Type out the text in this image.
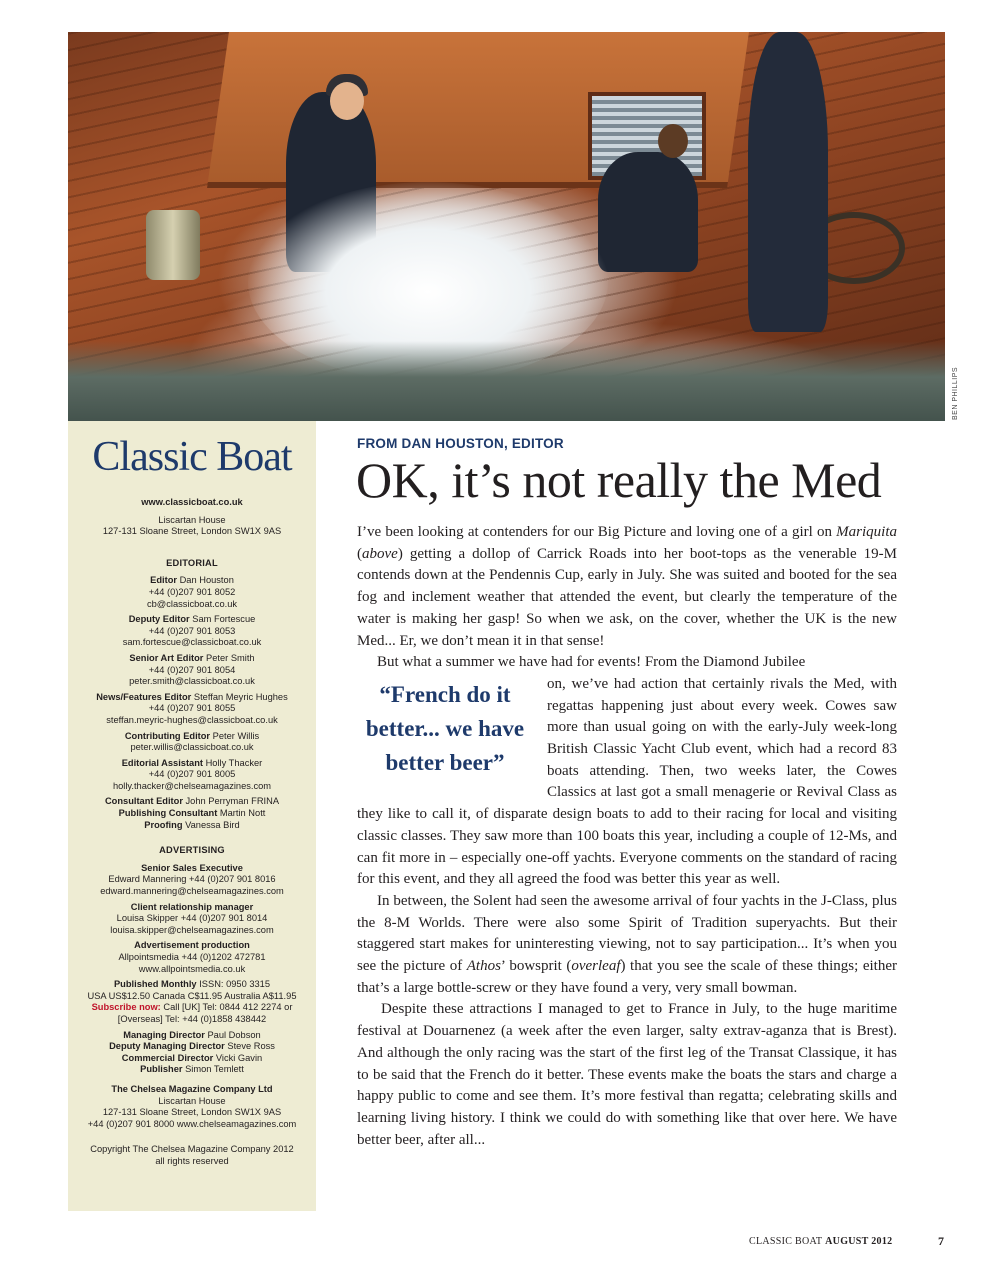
BEN PHILLIPS
Classic Boat
www.classicboat.co.uk
Liscartan House
127-131 Sloane Street, London SW1X 9AS
EDITORIAL
Editor Dan Houston
+44 (0)207 901 8052
cb@classicboat.co.uk
Deputy Editor Sam Fortescue
+44 (0)207 901 8053
sam.fortescue@classicboat.co.uk
Senior Art Editor Peter Smith
+44 (0)207 901 8054
peter.smith@classicboat.co.uk
News/Features Editor Steffan Meyric Hughes
+44 (0)207 901 8055
steffan.meyric-hughes@classicboat.co.uk
Contributing Editor Peter Willis
peter.willis@classicboat.co.uk
Editorial Assistant Holly Thacker
+44 (0)207 901 8005
holly.thacker@chelseamagazines.com
Consultant Editor John Perryman FRINA
Publishing Consultant Martin Nott
Proofing Vanessa Bird
ADVERTISING
Senior Sales Executive
Edward Mannering +44 (0)207 901 8016
edward.mannering@chelseamagazines.com
Client relationship manager
Louisa Skipper +44 (0)207 901 8014
louisa.skipper@chelseamagazines.com
Advertisement production
Allpointsmedia +44 (0)1202 472781
www.allpointsmedia.co.uk
Published Monthly ISSN: 0950 3315
USA US$12.50 Canada C$11.95 Australia A$11.95
Subscribe now: Call [UK] Tel: 0844 412 2274 or
[Overseas] Tel: +44 (0)1858 438442
Managing Director Paul Dobson
Deputy Managing Director Steve Ross
Commercial Director Vicki Gavin
Publisher Simon Temlett
The Chelsea Magazine Company Ltd
Liscartan House
127-131 Sloane Street, London SW1X 9AS
+44 (0)207 901 8000 www.chelseamagazines.com
Copyright The Chelsea Magazine Company 2012
all rights reserved
FROM DAN HOUSTON, EDITOR
OK, it’s not really the Med

I’ve been looking at contenders for our Big Picture and loving one of a girl on Mariquita (above) getting a dollop of Carrick Roads into her boot-tops as the venerable 19-M contends down at the Pendennis Cup, early in July. She was suited and booted for the sea fog and inclement weather that attended the event, but clearly the temperature of the water is making her gasp! So when we ask, on the cover, whether the UK is the new Med... Er, we don’t mean it in that sense!

But what a summer we have had for events! From the Diamond Jubilee

“French do it better... we have better beer”

on, we’ve had action that certainly rivals the Med, with regattas happening just about every week. Cowes saw more than usual going on with the early-July week-long British Classic Yacht Club event, which had a record 83 boats attending. Then, two weeks later, the Cowes Classics at last got a small menagerie or Revival Class as they like to call it, of disparate design boats to add to their racing for local and visiting classic classes. They saw more than 100 boats this year, including a couple of 12-Ms, and can fit more in – especially one-off yachts. Everyone comments on the standard of racing for this event, and they all agreed the food was better this year as well.

In between, the Solent had seen the awesome arrival of four yachts in the J-Class, plus the 8-M Worlds. There were also some Spirit of Tradition superyachts. But their staggered start makes for uninteresting viewing, not to say participation... It’s when you see the picture of Athos’ bowsprit (overleaf) that you see the scale of these things; either that’s a large bottle-screw or they have found a very, very small bowman.

Despite these attractions I managed to get to France in July, to the huge maritime festival at Douarnenez (a week after the even larger, salty extrav-aganza that is Brest). And although the only racing was the start of the first leg of the Transat Classique, it has to be said that the French do it better. These events make the boats the stars and charge a happy public to come and see them. It’s more festival than regatta; celebrating skills and learning living history. I think we could do with something like that over here. We have better beer, after all...

CLASSIC BOAT AUGUST 2012	7
